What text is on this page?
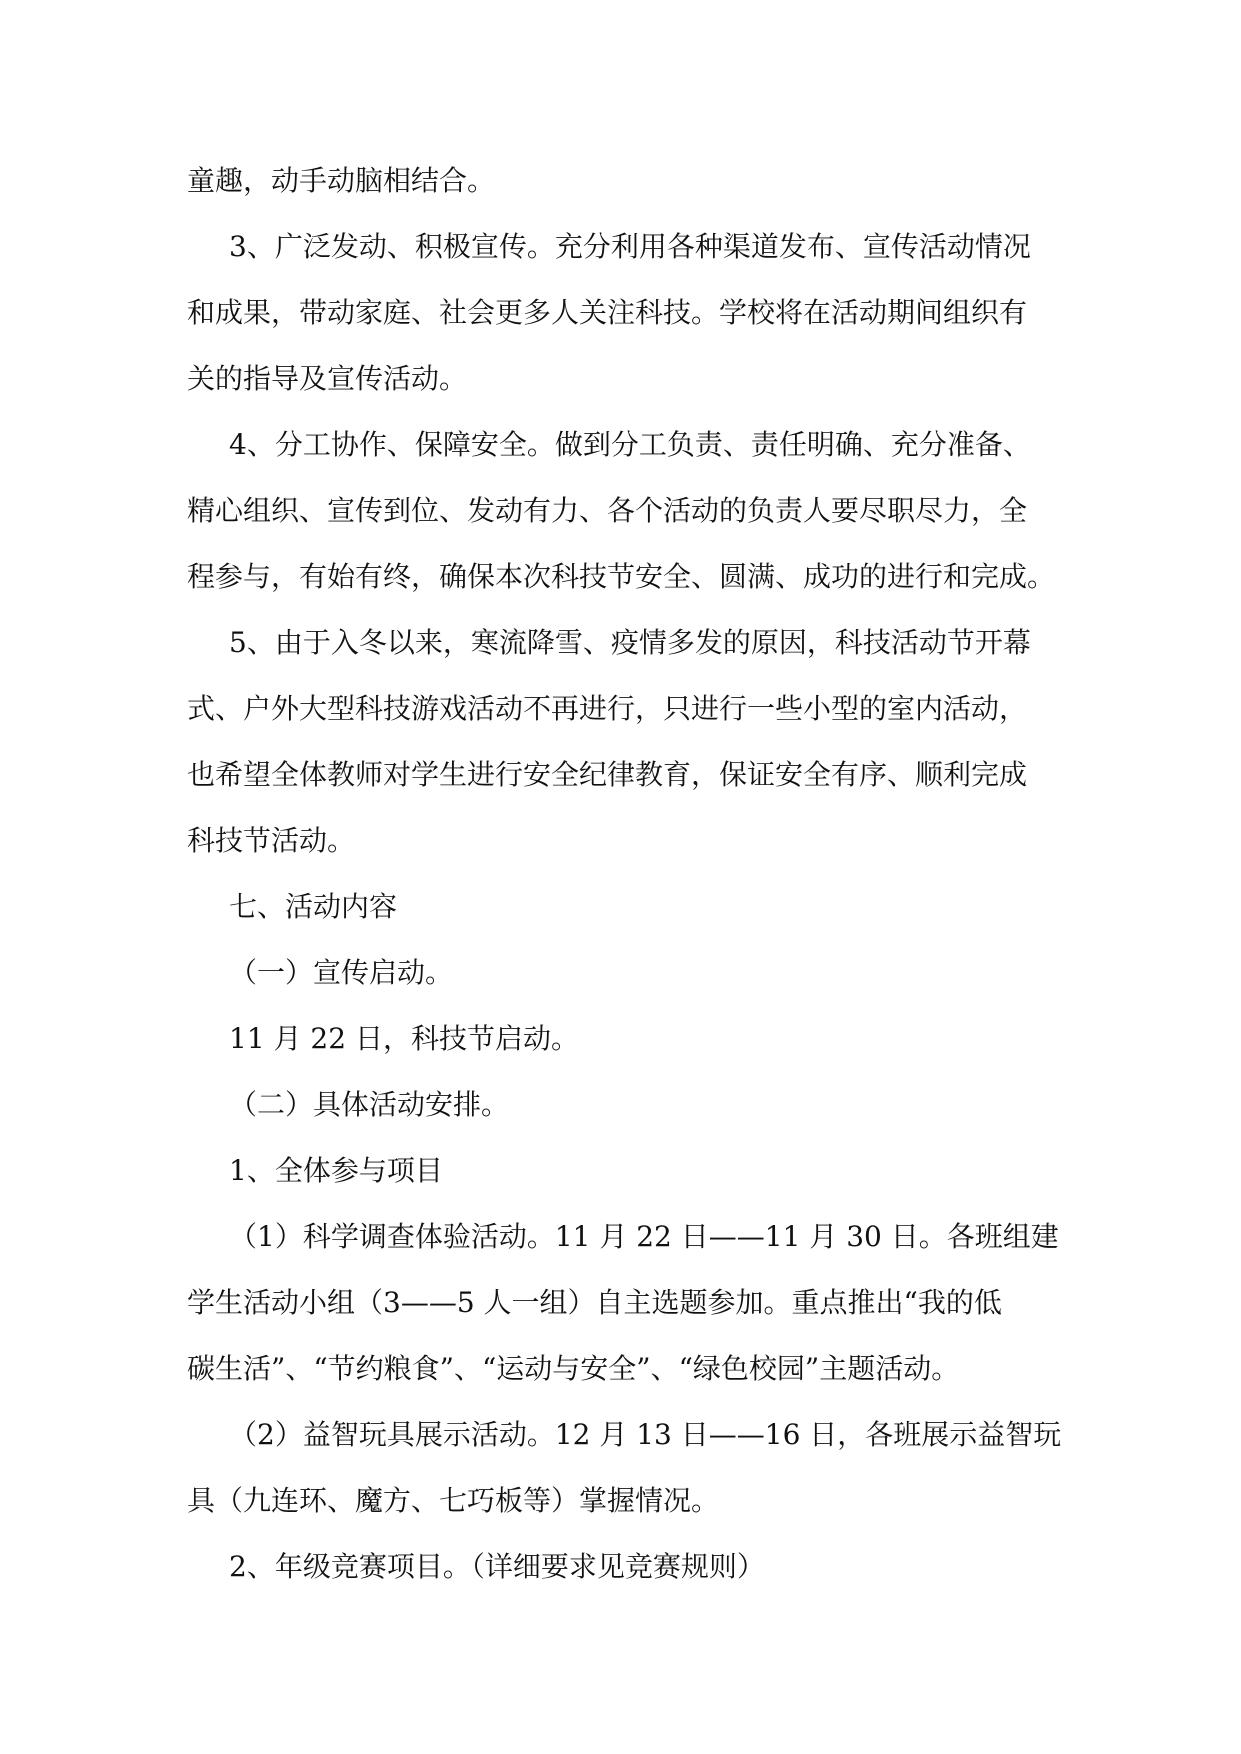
童趣，动手动脑相结合。
3、广泛发动、积极宣传。充分利用各种渠道发布、宣传活动情况
和成果，带动家庭、社会更多人关注科技。学校将在活动期间组织有
关的指导及宣传活动。
4、分工协作、保障安全。做到分工负责、责任明确、充分准备、
精心组织、宣传到位、发动有力、各个活动的负责人要尽职尽力，全
程参与，有始有终，确保本次科技节安全、圆满、成功的进行和完成。
5、由于入冬以来，寒流降雪、疫情多发的原因，科技活动节开幕
式、户外大型科技游戏活动不再进行，只进行一些小型的室内活动，
也希望全体教师对学生进行安全纪律教育，保证安全有序、顺利完成
科技节活动。
七、活动内容
（一）宣传启动。
11 月 22 日，科技节启动。
（二）具体活动安排。
1、全体参与项目
（1）科学调查体验活动。11 月 22 日——11 月 30 日。各班组建
学生活动小组（3——5 人一组）自主选题参加。重点推出“我的低
碳生活”、“节约粮食”、“运动与安全”、“绿色校园”主题活动。
（2）益智玩具展示活动。12 月 13 日——16 日，各班展示益智玩
具（九连环、魔方、七巧板等）掌握情况。
2、年级竞赛项目。（详细要求见竞赛规则）
